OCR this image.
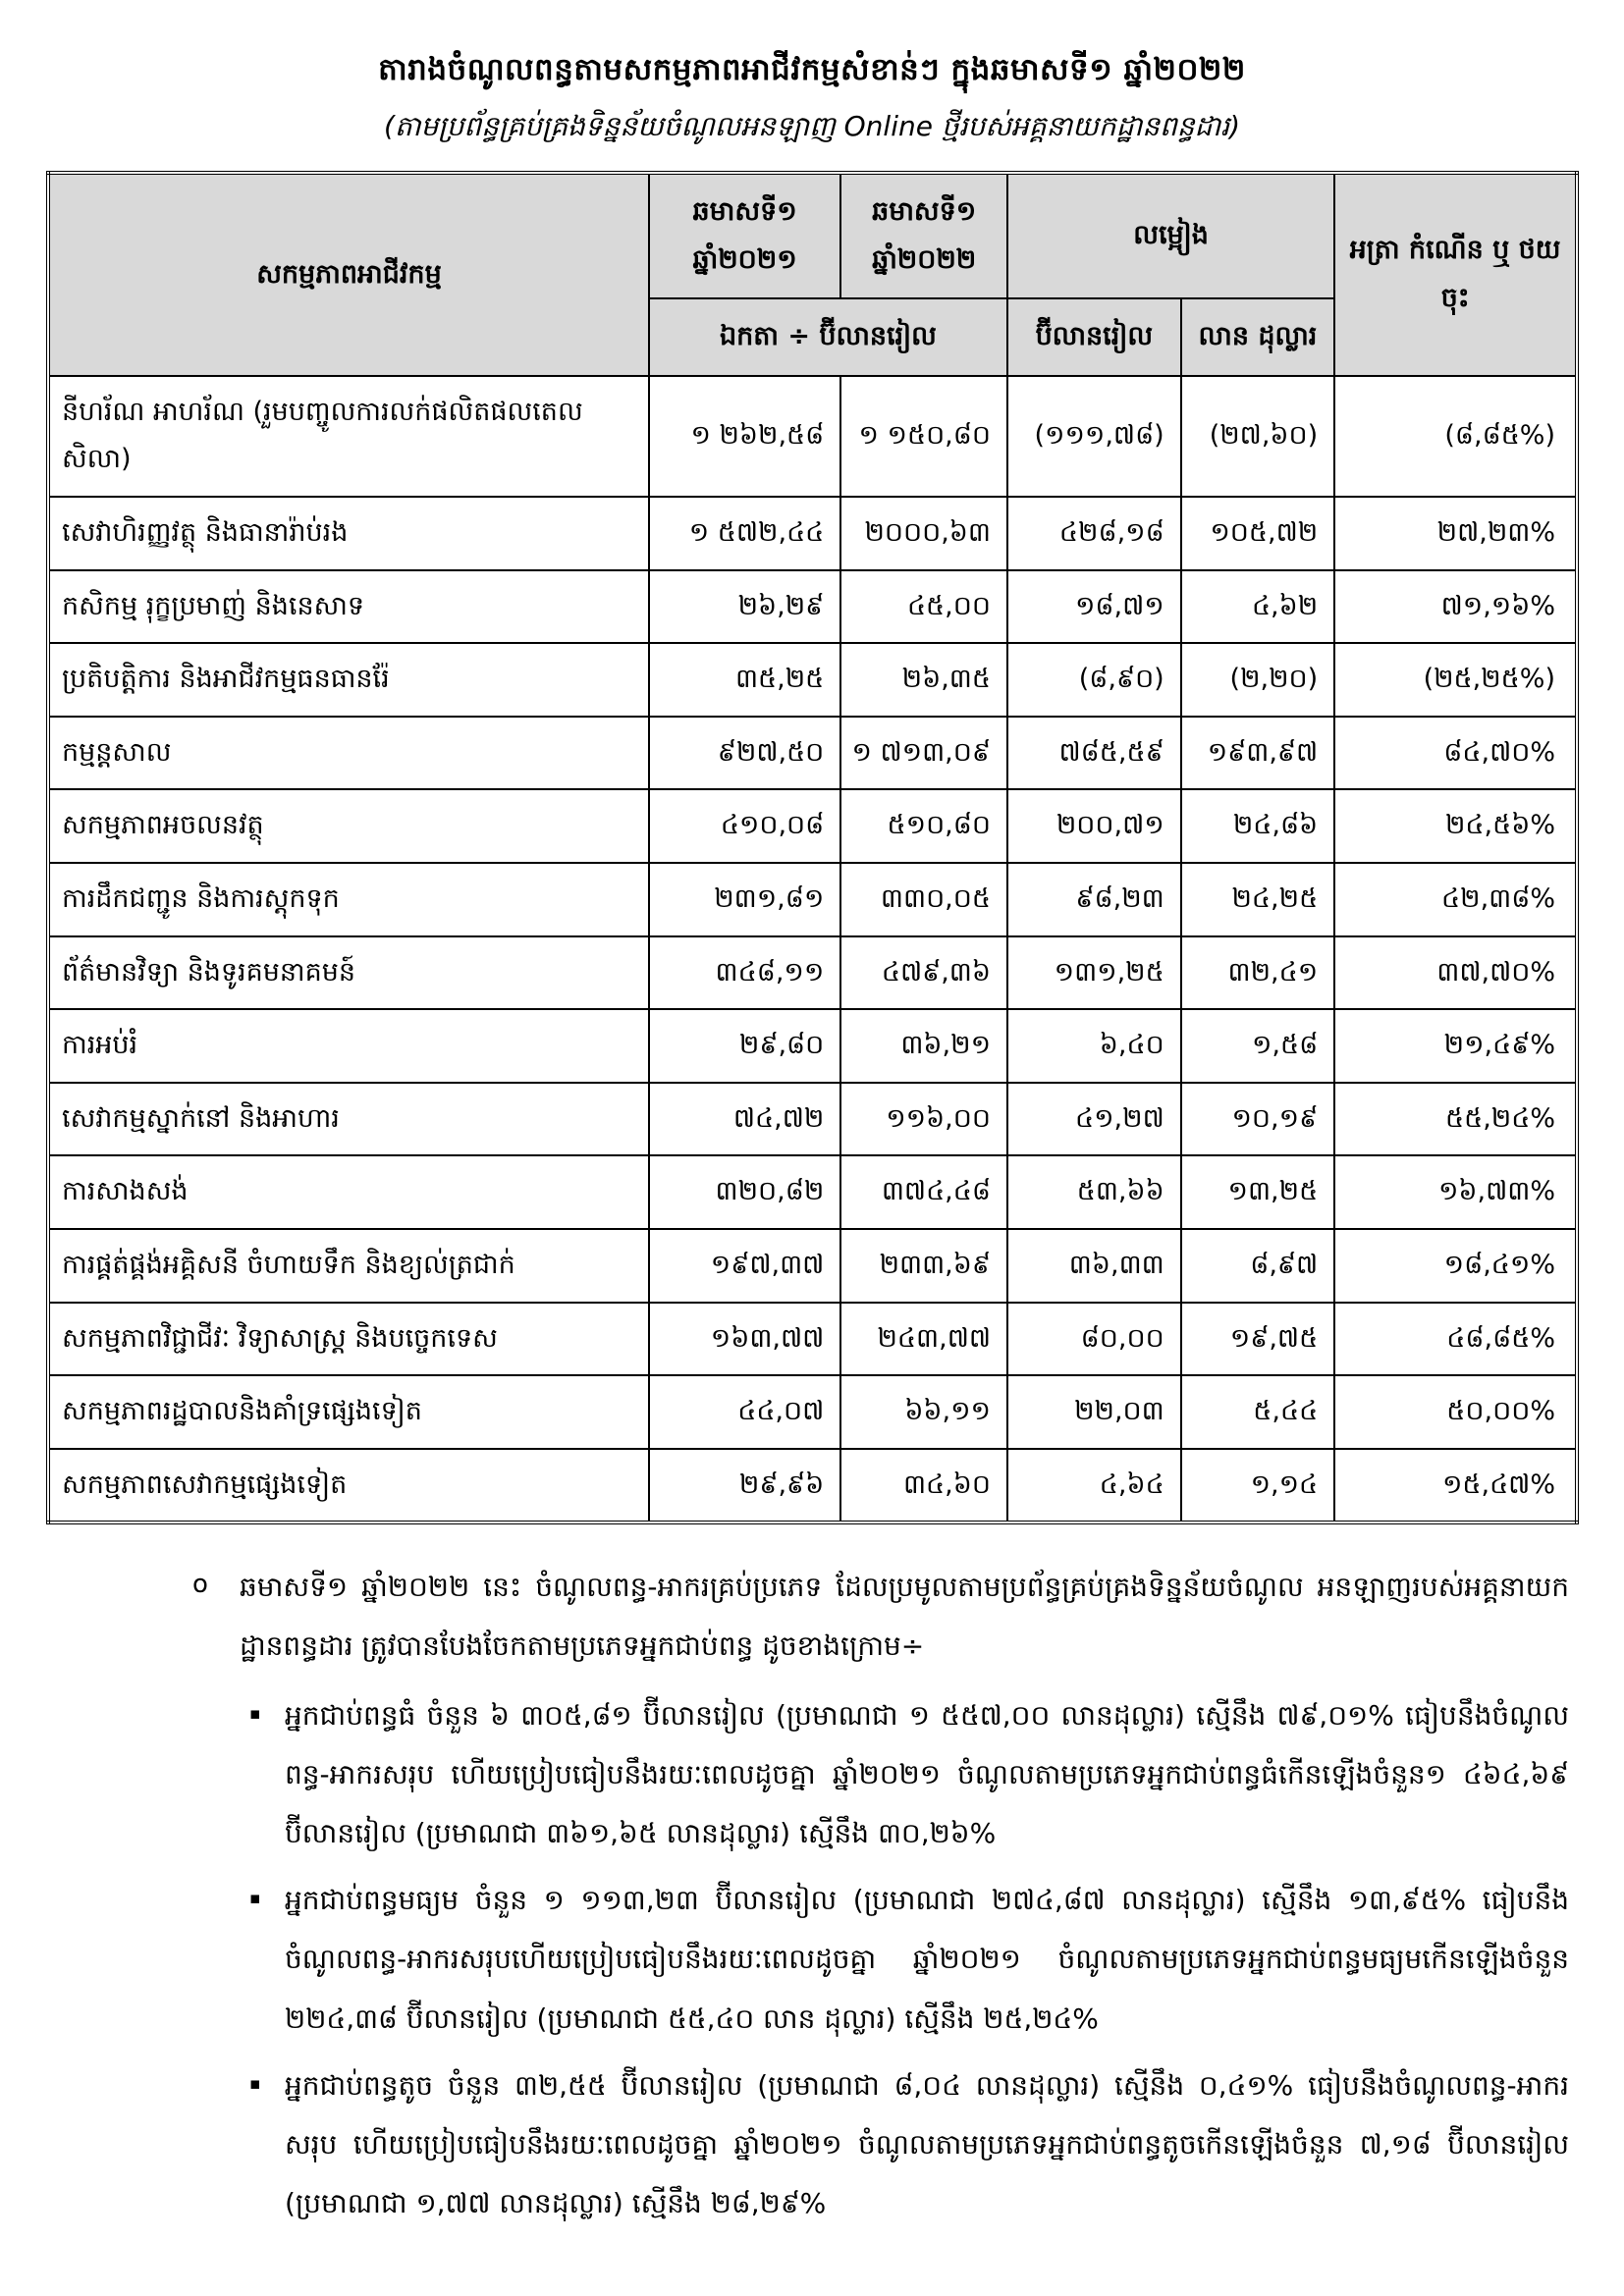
តារាងចំណូលពន្ធតាមសកម្មភាពអាជីវកម្មសំខាន់ៗ ក្នុងឆមាសទី១ ឆ្នាំ២០២២
(តាមប្រព័ន្ធគ្រប់គ្រងទិន្នន័យចំណូលអនឡាញ Online ថ្មីរបស់អគ្គនាយកដ្ឋានពន្ធដារ)
សកម្មភាពអាជីវកម្ម	ឆមាសទី១ ឆ្នាំ២០២១	ឆមាសទី១ ឆ្នាំ២០២២	លម្អៀង		អត្រា កំណើន ឬ ថយចុះ
	ឯកតា ÷ ប៊ីលានរៀល		ប៊ីលានរៀល	លាន ដុល្លារ	
នីហរ័ណ អាហរ័ណ (រួមបញ្ចូលការលក់ផលិតផលតេលសិលា)	១ ២៦២,៥៨	១ ១៥០,៨០	(១១១,៧៨)	(២៧,៦០)	(៨,៨៥%)
សេវាហិរញ្ញវត្ថុ និងធានារ៉ាប់រង	១ ៥៧២,៤៤	២០០០,៦៣	៤២៨,១៨	១០៥,៧២	២៧,២៣%
កសិកម្ម រុក្ខប្រមាញ់ និងនេសាទ	២៦,២៩	៤៥,០០	១៨,៧១	៤,៦២	៧១,១៦%
ប្រតិបត្តិការ និងអាជីវកម្មធនធានរ៉ែ	៣៥,២៥	២៦,៣៥	(៨,៩០)	(២,២០)	(២៥,២៥%)
កម្មន្តសាល	៩២៧,៥០	១ ៧១៣,០៩	៧៨៥,៥៩	១៩៣,៩៧	៨៤,៧០%
សកម្មភាពអចលនវត្ថុ	៤១០,០៨	៥១០,៨០	២០០,៧១	២៤,៨៦	២៤,៥៦%
ការដឹកជញ្ជូន និងការស្តុកទុក	២៣១,៨១	៣៣០,០៥	៩៨,២៣	២៤,២៥	៤២,៣៨%
ព័ត៌មានវិទ្យា និងទូរគមនាគមន៍	៣៤៨,១១	៤៧៩,៣៦	១៣១,២៥	៣២,៤១	៣៧,៧០%
ការអប់រំ	២៩,៨០	៣៦,២១	៦,៤០	១,៥៨	២១,៤៩%
សេវាកម្មស្នាក់នៅ និងអាហារ	៧៤,៧២	១១៦,០០	៤១,២៧	១០,១៩	៥៥,២៤%
ការសាងសង់	៣២០,៨២	៣៧៤,៤៨	៥៣,៦៦	១៣,២៥	១៦,៧៣%
ការផ្គត់ផ្គង់អគ្គិសនី ចំហាយទឹក និងខ្យល់ត្រជាក់	១៩៧,៣៧	២៣៣,៦៩	៣៦,៣៣	៨,៩៧	១៨,៤១%
សកម្មភាពវិជ្ជាជីវៈ វិទ្យាសាស្ត្រ និងបច្ចេកទេស	១៦៣,៧៧	២៤៣,៧៧	៨០,០០	១៩,៧៥	៤៨,៨៥%
សកម្មភាពរដ្ឋបាលនិងគាំទ្រផ្សេងទៀត	៤៤,០៧	៦៦,១១	២២,០៣	៥,៤៤	៥០,០០%
សកម្មភាពសេវាកម្មផ្សេងទៀត	២៩,៩៦	៣៤,៦០	៤,៦៤	១,១៤	១៥,៤៧%
o	ឆមាសទី១ ឆ្នាំ២០២២ នេះ ចំណូលពន្ធ-អាករគ្រប់ប្រភេទ ដែលប្រមូលតាមប្រព័ន្ធគ្រប់គ្រងទិន្នន័យចំណូល អនឡាញរបស់អគ្គនាយកដ្ឋានពន្ធដារ ត្រូវបានបែងចែកតាមប្រភេទអ្នកជាប់ពន្ធ ដូចខាងក្រោម÷
▪ អ្នកជាប់ពន្ធធំ ចំនួន ៦ ៣០៥,៨១ ប៊ីលានរៀល (ប្រមាណជា ១ ៥៥៧,០០ លានដុល្លារ) ស្មើនឹង ៧៩,០១% ធៀបនឹងចំណូលពន្ធ-អាករសរុប ហើយប្រៀបធៀបនឹងរយៈពេលដូចគ្នា ឆ្នាំ២០២១ ចំណូលតាមប្រភេទអ្នកជាប់ពន្ធធំកើនឡើងចំនួន១ ៤៦៤,៦៩ ប៊ីលានរៀល (ប្រមាណជា ៣៦១,៦៥ លានដុល្លារ) ស្មើនឹង ៣០,២៦%
▪ អ្នកជាប់ពន្ធមធ្យម ចំនួន ១ ១១៣,២៣ ប៊ីលានរៀល (ប្រមាណជា ២៧៤,៨៧ លានដុល្លារ) ស្មើនឹង ១៣,៩៥% ធៀបនឹងចំណូលពន្ធ-អាករសរុបហើយប្រៀបធៀបនឹងរយៈពេលដូចគ្នា ឆ្នាំ២០២១ ចំណូលតាមប្រភេទអ្នកជាប់ពន្ធមធ្យមកើនឡើងចំនួន ២២៤,៣៨ ប៊ីលានរៀល (ប្រមាណជា ៥៥,៤០ លាន ដុល្លារ) ស្មើនឹង ២៥,២៤%
▪ អ្នកជាប់ពន្ធតូច ចំនួន ៣២,៥៥ ប៊ីលានរៀល (ប្រមាណជា ៨,០៤ លានដុល្លារ) ស្មើនឹង ០,៤១% ធៀបនឹងចំណូលពន្ធ-អាករសរុប ហើយប្រៀបធៀបនឹងរយៈពេលដូចគ្នា ឆ្នាំ២០២១ ចំណូលតាមប្រភេទអ្នកជាប់ពន្ធតូចកើនឡើងចំនួន ៧,១៨ ប៊ីលានរៀល (ប្រមាណជា ១,៧៧ លានដុល្លារ) ស្មើនឹង ២៨,២៩%
